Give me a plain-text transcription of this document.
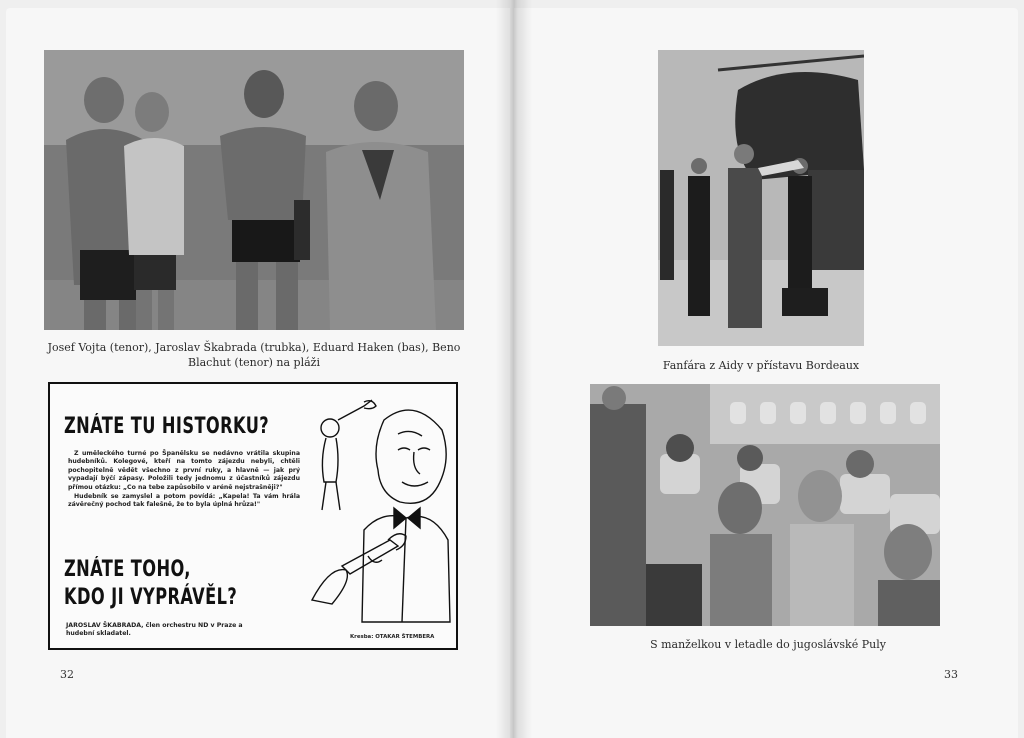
Josef Vojta (tenor), Jaroslav Škabrada (trubka), Eduard Haken (bas), Beno
Blachut (tenor) na pláži
ZNÁTE TU HISTORKU?

Z uměleckého turné po Španělsku se nedávno vrátila skupina hudebníků. Kolegové, kteří na tomto zájezdu nebyli, chtěli pochopitelně vědět všechno z první ruky, a hlavně — jak prý vypadají býčí zápasy. Položili tedy jednomu z účastníků zájezdu přímou otázku: „Co na tebe zapůsobilo v aréně nejstrašněji?"

Hudebník se zamyslel a potom povídá: „Kapela! Ta vám hrála závěrečný pochod tak falešně, že to byla úplná hrůza!"

ZNÁTE TOHO,
KDO JI VYPRÁVĚL?
JAROSLAV ŠKABRADA, člen orchestru ND v Praze a
hudební skladatel.	Kresba: OTAKAR ŠTEMBERA
32
Fanfára z Aidy v přístavu Bordeaux
S manželkou v letadle do jugoslávské Puly
33
